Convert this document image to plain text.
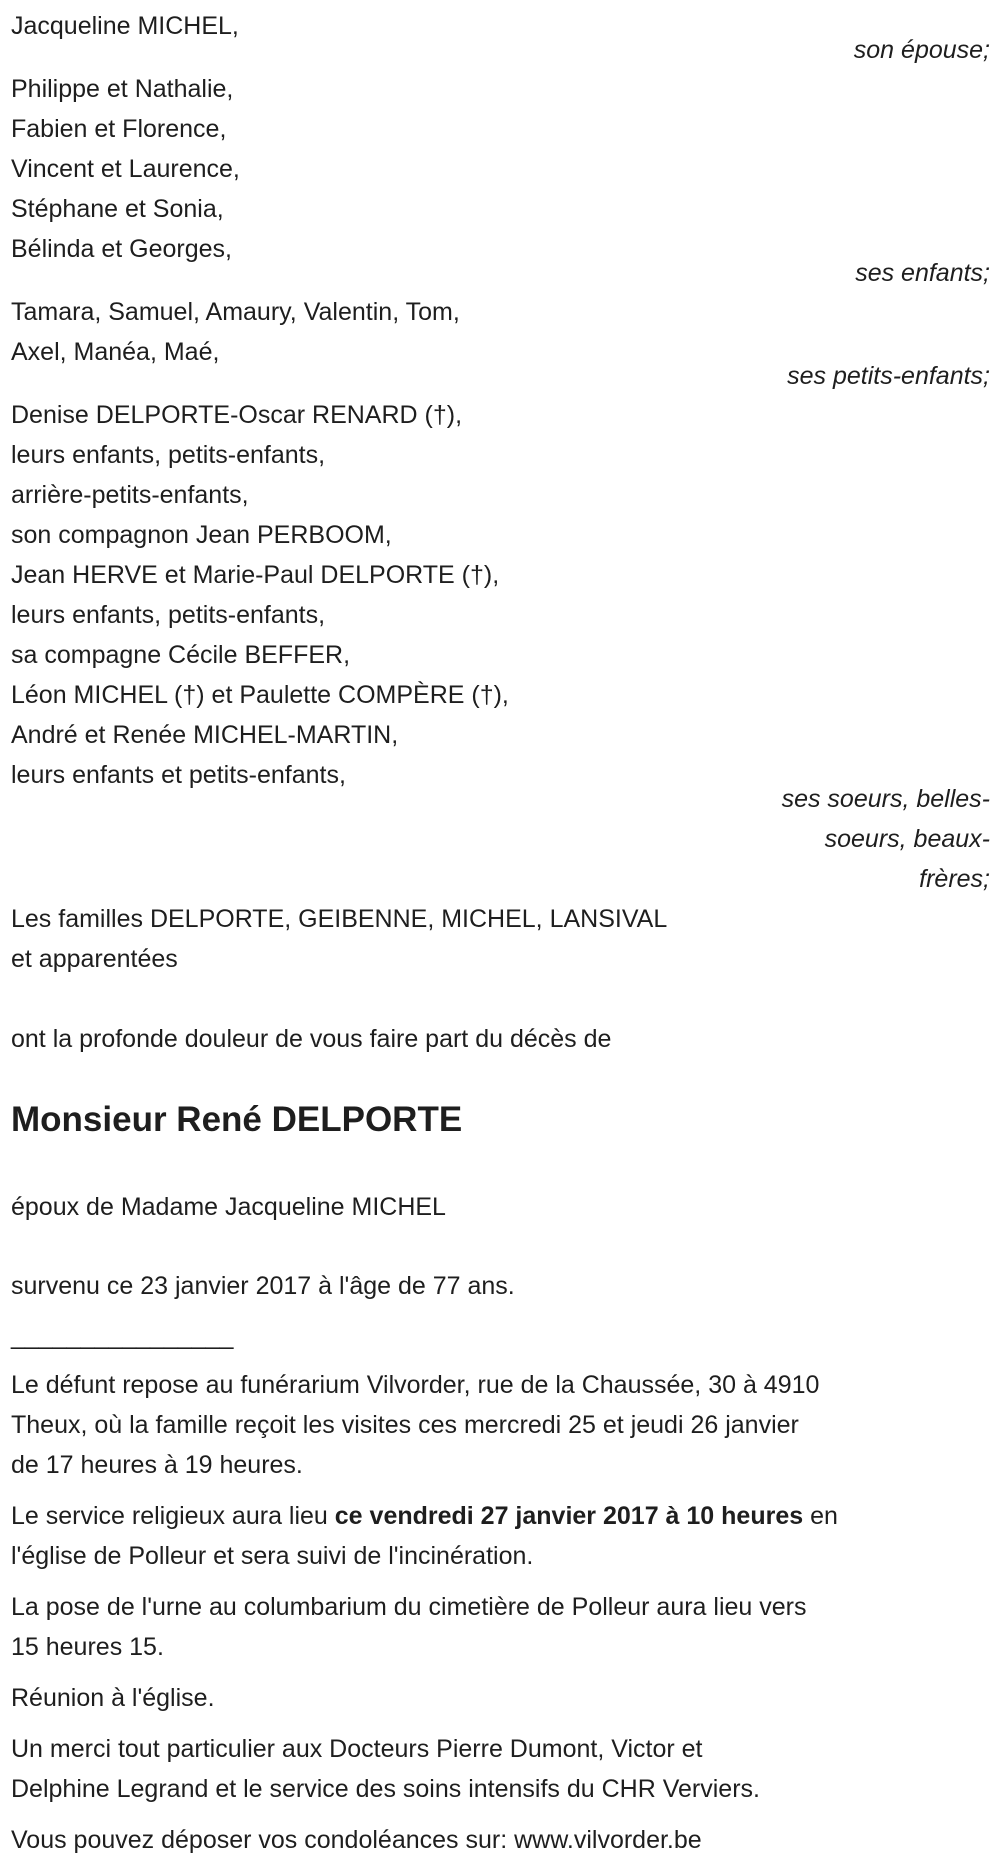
Jacqueline MICHEL,
son épouse;
Philippe et Nathalie,
Fabien et Florence,
Vincent et Laurence,
Stéphane et Sonia,
Bélinda et Georges,
ses enfants;
Tamara, Samuel, Amaury, Valentin, Tom,
Axel, Manéa, Maé,
ses petits-enfants;
Denise DELPORTE-Oscar RENARD (†),
leurs enfants, petits-enfants,
arrière-petits-enfants,
son compagnon Jean PERBOOM,
Jean HERVE et Marie-Paul DELPORTE (†),
leurs enfants, petits-enfants,
sa compagne Cécile BEFFER,
Léon MICHEL (†) et Paulette COMPÈRE (†),
André et Renée MICHEL-MARTIN,
leurs enfants et petits-enfants,
ses soeurs, belles-
soeurs, beaux-
frères;
Les familles DELPORTE, GEIBENNE, MICHEL, LANSIVAL
et apparentées
ont la profonde douleur de vous faire part du décès de
Monsieur René DELPORTE
époux de Madame Jacqueline MICHEL
survenu ce 23 janvier 2017 à l'âge de 77 ans.
________________
Le défunt repose au funérarium Vilvorder, rue de la Chaussée, 30 à 4910
Theux, où la famille reçoit les visites ces mercredi 25 et jeudi 26 janvier
de 17 heures à 19 heures.
Le service religieux aura lieu ce vendredi 27 janvier 2017 à 10 heures en
l'église de Polleur et sera suivi de l'incinération.
La pose de l'urne au columbarium du cimetière de Polleur aura lieu vers
15 heures 15.
Réunion à l'église.
Un merci tout particulier aux Docteurs Pierre Dumont, Victor et
Delphine Legrand et le service des soins intensifs du CHR Verviers.
Vous pouvez déposer vos condoléances sur: www.vilvorder.be
